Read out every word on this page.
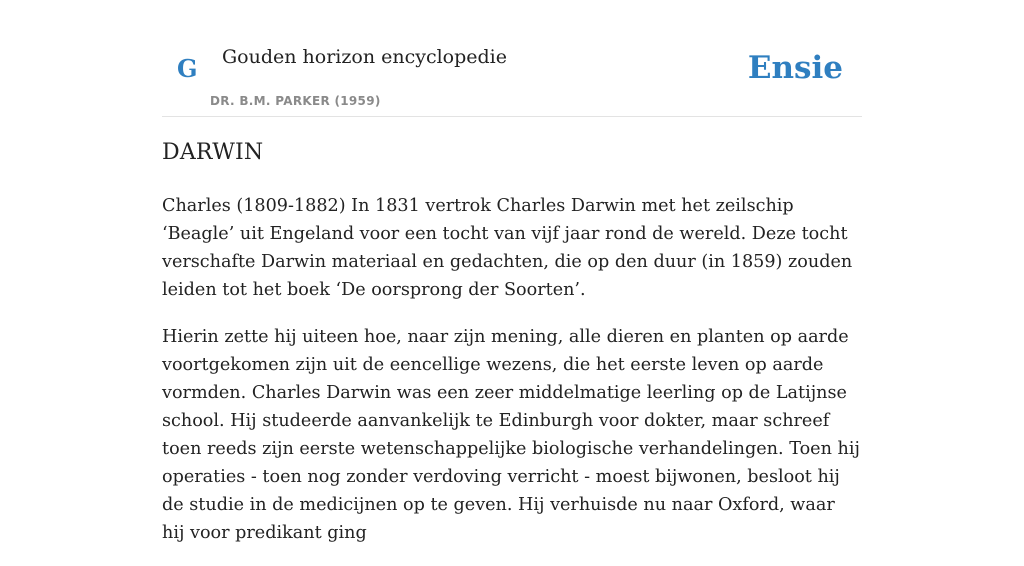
G Gouden horizon encyclopedie
DR. B.M. PARKER (1959)
Ensie
DARWIN

Charles (1809-1882) In 1831 vertrok Charles Darwin met het zeilschip ‘Beagle’ uit Engeland voor een tocht van vijf jaar rond de wereld. Deze tocht verschafte Darwin materiaal en gedachten, die op den duur (in 1859) zouden leiden tot het boek ‘De oorsprong der Soorten’.

Hierin zette hij uiteen hoe, naar zijn mening, alle dieren en planten op aarde voortgekomen zijn uit de eencellige wezens, die het eerste leven op aarde vormden. Charles Darwin was een zeer middelmatige leerling op de Latijnse school. Hij studeerde aanvankelijk te Edinburgh voor dokter, maar schreef toen reeds zijn eerste wetenschappelijke biologische verhandelingen. Toen hij operaties - toen nog zonder verdoving verricht - moest bijwonen, besloot hij de studie in de medicijnen op te geven. Hij verhuisde nu naar Oxford, waar hij voor predikant ging
